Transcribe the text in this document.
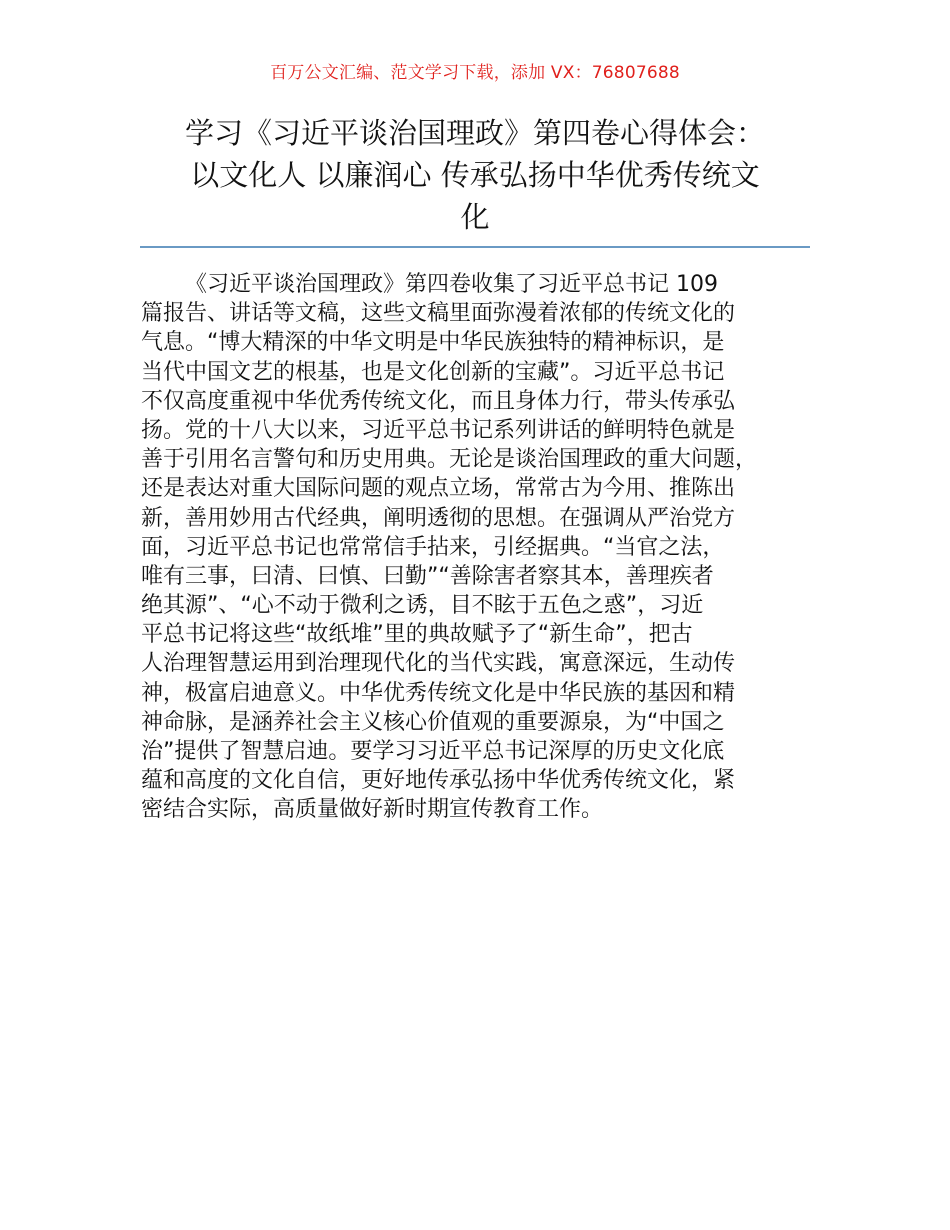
百万公文汇编、范文学习下载，添加 VX：76807688
学习《习近平谈治国理政》第四卷心得体会：
以文化人 以廉润心 传承弘扬中华优秀传统文
化
《习近平谈治国理政》第四卷收集了习近平总书记 109
篇报告、讲话等文稿，这些文稿里面弥漫着浓郁的传统文化的
气息。“博大精深的中华文明是中华民族独特的精神标识，是
当代中国文艺的根基，也是文化创新的宝藏”。习近平总书记
不仅高度重视中华优秀传统文化，而且身体力行，带头传承弘
扬。党的十八大以来，习近平总书记系列讲话的鲜明特色就是
善于引用名言警句和历史用典。无论是谈治国理政的重大问题，
还是表达对重大国际问题的观点立场，常常古为今用、推陈出
新，善用妙用古代经典，阐明透彻的思想。在强调从严治党方
面，习近平总书记也常常信手拈来，引经据典。“当官之法，
唯有三事，曰清、曰慎、曰勤”“善除害者察其本，善理疾者
绝其源”、“心不动于微利之诱，目不眩于五色之惑”，习近
平总书记将这些“故纸堆”里的典故赋予了“新生命”，把古
人治理智慧运用到治理现代化的当代实践，寓意深远，生动传
神，极富启迪意义。中华优秀传统文化是中华民族的基因和精
神命脉，是涵养社会主义核心价值观的重要源泉，为“中国之
治”提供了智慧启迪。要学习习近平总书记深厚的历史文化底
蕴和高度的文化自信，更好地传承弘扬中华优秀传统文化，紧
密结合实际，高质量做好新时期宣传教育工作。
